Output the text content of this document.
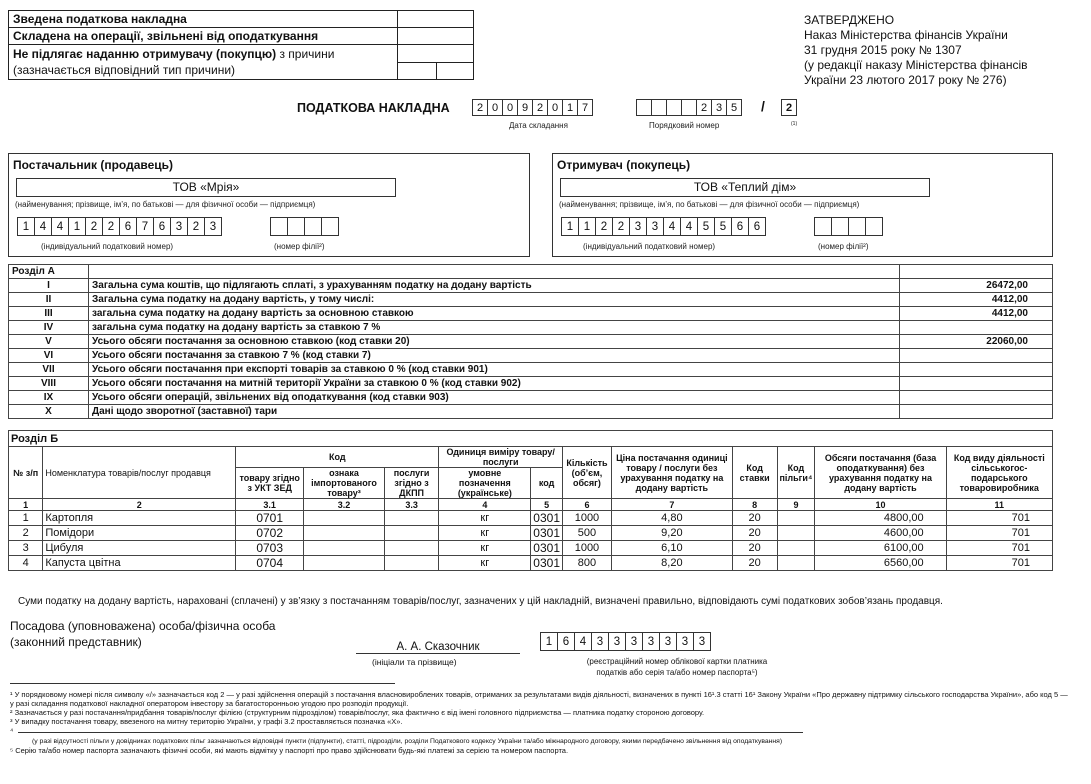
Зведена податкова накладна		
Складена на операції, звільнені від оподаткування		
Не підлягає наданню отримувачу (покупцю) з причини
(зазначається відповідний тип причини)		

ЗАТВЕРДЖЕНО
Наказ Міністерства фінансів України
31 грудня 2015 року № 1307
(у редакції наказу Міністерства фінансів
України 23 лютого 2017 року № 276)
ПОДАТКОВА НАКЛАДНА	2 0 0 9 2 0 1 7
Дата складання
2 3 5	/	2
Порядковий номер	(1)
Постачальник (продавець)
ТОВ «Мрія»
(найменування; прізвище, ім’я, по батькові — для фізичної особи — підприємця)
1 4 4 1 2 2 6 7 6 3 2 3
(індивідуальний податковий номер)	(номер філії²)
Отримувач (покупець)
ТОВ «Теплий дім»
(найменування; прізвище, ім’я, по батькові — для фізичної особи — підприємця)
1 1 2 2 3 3 4 4 5 5 6 6
(індивідуальний податковий номер)	(номер філії²)
Розділ А		
I	Загальна сума коштів, що підлягають сплаті, з урахуванням податку на додану вартість	26472,00
II	Загальна сума податку на додану вартість, у тому числі:	4412,00
III	загальна сума податку на додану вартість за основною ставкою	4412,00
IV	загальна сума податку на додану вартість за ставкою 7 %	
V	Усього обсяги постачання за основною ставкою (код ставки 20)	22060,00
VI	Усього обсяги постачання за ставкою 7 % (код ставки 7)	
VII	Усього обсяги постачання при експорті товарів за ставкою 0 % (код ставки 901)	
VIII	Усього обсяги постачання на митній території України за ставкою 0 % (код ставки 902)	
IX	Усього обсяги операцій, звільнених від оподаткування (код ставки 903)	
X	Дані щодо зворотної (заставної) тари	
Розділ Б												
№ з/п	Номенклатура товарів/послуг продавця	Код			Одиниця виміру товару/послуги		Кількість (об’єм, обсяг)	Ціна постачання одиниці товару / послуги без урахування податку на додану вартість	Код ставки	Код пільги⁴	Обсяги постачання (база оподаткування) без урахування податку на додану вартість	Код виду діяльності сільськогос-подарського товаровиробника
		товару згідно з УКТ ЗЕД	ознака імпортованого товару³	послуги згідно з ДКПП	умовне позначення (українське)	код						
1	2	3.1	3.2	3.3	4	5	6	7	8	9	10	11
1	Картопля	0701			кг	0301	1000	4,80	20		4800,00	701
2	Помідори	0702			кг	0301	500	9,20	20		4600,00	701
3	Цибуля	0703			кг	0301	1000	6,10	20		6100,00	701
4	Капуста цвітна	0704			кг	0301	800	8,20	20		6560,00	701
Суми податку на додану вартість, нараховані (сплачені) у зв’язку з постачанням товарів/послуг, зазначених у цій накладній, визначені правильно, відповідають сумі податкових зобов’язань продавця.
Посадова (уповноважена) особа/фізична особа
(законний представник)	А. А. Сказочник
(ініціали та прізвище)
1 6 4 3 3 3 3 3 3 3
(реєстраційний номер облікової картки платника
податків або серія та/або номер паспорта⁵)
¹ У порядковому номері після символу «/» зазначається код 2 — у разі здійснення операцій з постачання власновироблених товарів, отриманих за результатами видів діяльності, визначених в пункті 16¹.3 статті 16¹ Закону України «Про державну підтримку сільського господарства України», або код 5 — у разі складання податкової накладної оператором інвестору за багатосторонньою угодою про розподіл продукції.
² Зазначається у разі постачання/придбання товарів/послуг філією (структурним підрозділом) товарів/послуг, яка фактично є від імені головного підприємства — платника податку стороною договору.
³ У випадку постачання товару, ввезеного на митну територію України, у графі 3.2 проставляється позначка «Х».
⁴
(у разі відсутності пільги у довідниках податкових пільг зазначаються відповідні пункти (підпункти), статті, підрозділи, розділи Податкового кодексу України та/або міжнародного договору, якими передбачено звільнення від оподаткування)
⁵ Серію та/або номер паспорта зазначають фізичні особи, які мають відмітку у паспорті про право здійснювати будь-які платежі за серією та номером паспорта.
